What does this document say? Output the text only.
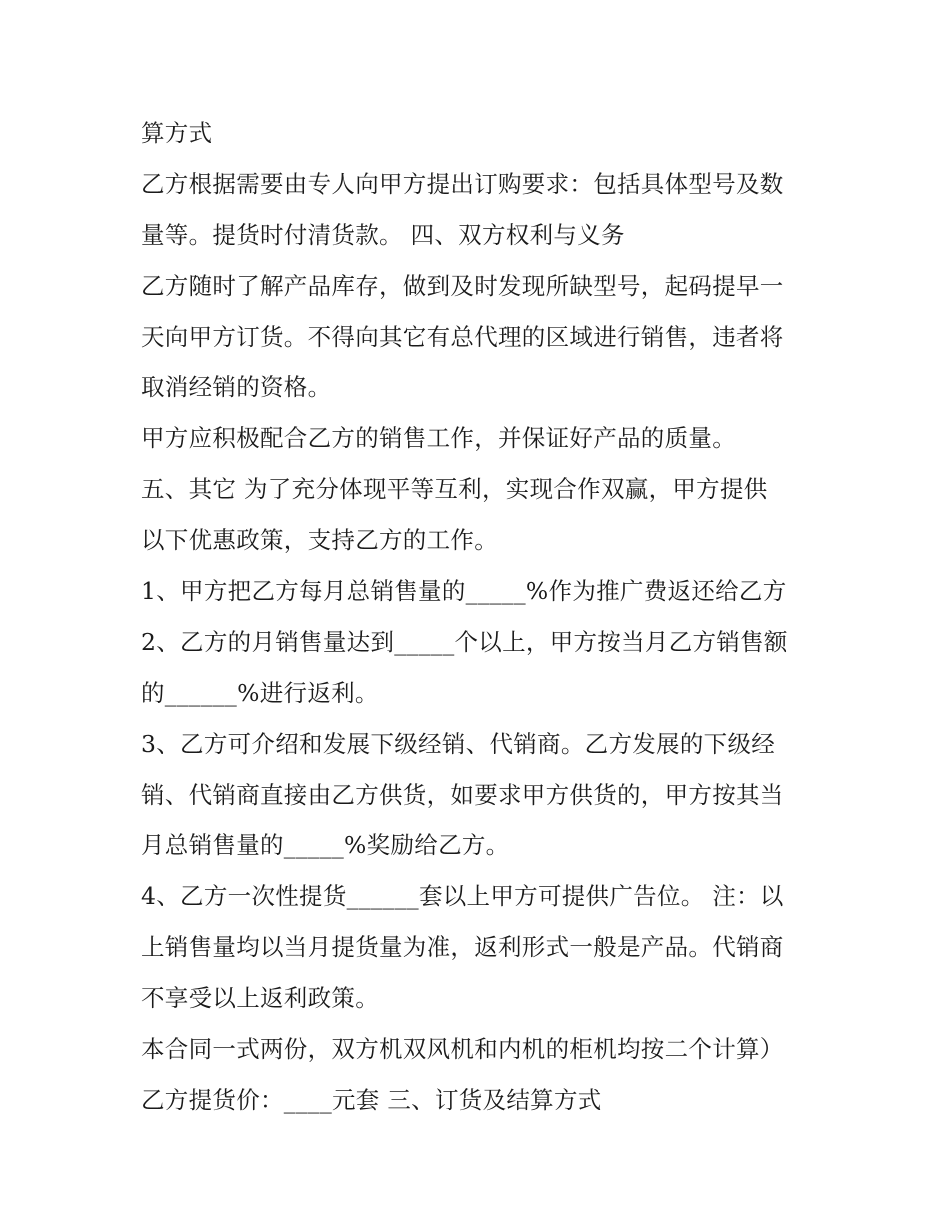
算方式
乙方根据需要由专人向甲方提出订购要求：包括具体型号及数
量等。提货时付清货款。 四、双方权利与义务
乙方随时了解产品库存，做到及时发现所缺型号，起码提早一
天向甲方订货。不得向其它有总代理的区域进行销售，违者将
取消经销的资格。
甲方应积极配合乙方的销售工作，并保证好产品的质量。
五、其它 为了充分体现平等互利，实现合作双赢，甲方提供
以下优惠政策，支持乙方的工作。
1、甲方把乙方每月总销售量的_____%作为推广费返还给乙方
2、乙方的月销售量达到_____个以上，甲方按当月乙方销售额
的______%进行返利。
3、乙方可介绍和发展下级经销、代销商。乙方发展的下级经
销、代销商直接由乙方供货，如要求甲方供货的，甲方按其当
月总销售量的_____%奖励给乙方。
4、乙方一次性提货______套以上甲方可提供广告位。 注：以
上销售量均以当月提货量为准，返利形式一般是产品。代销商
不享受以上返利政策。
本合同一式两份，双方机双风机和内机的柜机均按二个计算）
乙方提货价：____元套 三、订货及结算方式
